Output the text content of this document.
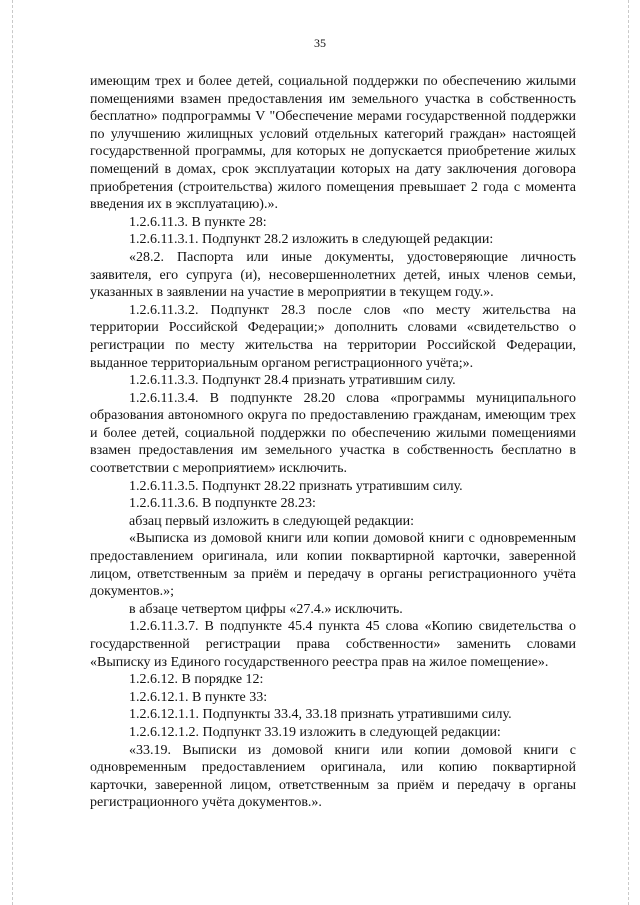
35

имеющим трех и более детей, социальной поддержки по обеспечению жилыми помещениями взамен предоставления им земельного участка в собственность бесплатно» подпрограммы V "Обеспечение мерами государственной поддержки по улучшению жилищных условий отдельных категорий граждан» настоящей государственной программы, для которых не допускается приобретение жилых помещений в домах, срок эксплуатации которых на дату заключения договора приобретения (строительства) жилого помещения превышает 2 года с момента введения их в эксплуатацию).».

1.2.6.11.3. В пункте 28:

1.2.6.11.3.1. Подпункт 28.2 изложить в следующей редакции:

«28.2. Паспорта или иные документы, удостоверяющие личность заявителя, его супруга (и), несовершеннолетних детей, иных членов семьи, указанных в заявлении на участие в мероприятии в текущем году.».

1.2.6.11.3.2. Подпункт 28.3 после слов «по месту жительства на территории Российской Федерации;» дополнить словами «свидетельство о регистрации по месту жительства на территории Российской Федерации, выданное территориальным органом регистрационного учёта;».

1.2.6.11.3.3. Подпункт 28.4 признать утратившим силу.

1.2.6.11.3.4. В подпункте 28.20 слова «программы муниципального образования автономного округа по предоставлению гражданам, имеющим трех и более детей, социальной поддержки по обеспечению жилыми помещениями взамен предоставления им земельного участка в собственность бесплатно в соответствии с мероприятием» исключить.

1.2.6.11.3.5. Подпункт 28.22 признать утратившим силу.

1.2.6.11.3.6. В подпункте 28.23:

абзац первый изложить в следующей редакции:

«Выписка из домовой книги или копии домовой книги с одновременным предоставлением оригинала, или копии поквартирной карточки, заверенной лицом, ответственным за приём и передачу в органы регистрационного учёта документов.»;

в абзаце четвертом цифры «27.4.» исключить.

1.2.6.11.3.7. В подпункте 45.4 пункта 45 слова «Копию свидетельства о государственной регистрации права собственности» заменить словами «Выписку из Единого государственного реестра прав на жилое помещение».

1.2.6.12. В порядке 12:

1.2.6.12.1. В пункте 33:

1.2.6.12.1.1. Подпункты 33.4, 33.18 признать утратившими силу.

1.2.6.12.1.2. Подпункт 33.19 изложить в следующей редакции:

«33.19. Выписки из домовой книги или копии домовой книги с одновременным предоставлением оригинала, или копию поквартирной карточки, заверенной лицом, ответственным за приём и передачу в органы регистрационного учёта документов.».
